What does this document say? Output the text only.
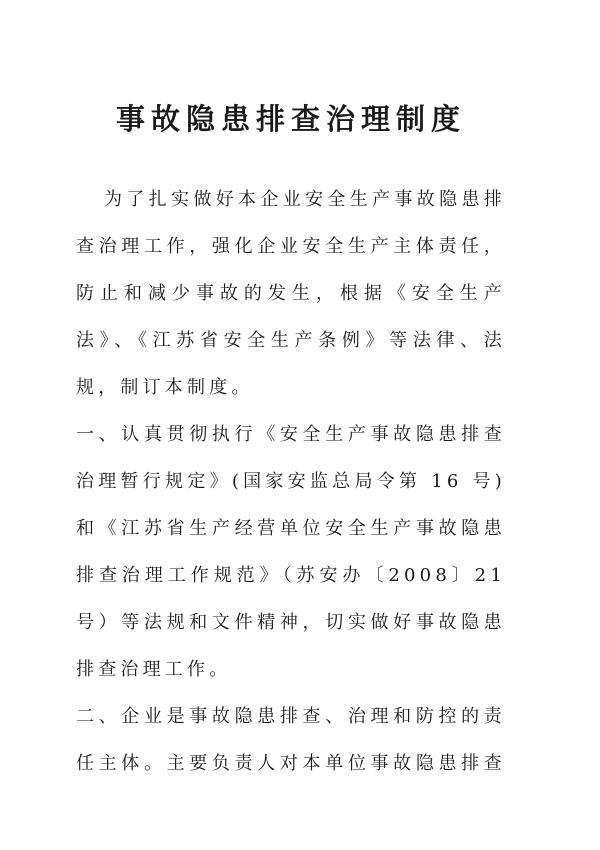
事故隐患排查治理制度

为了扎实做好本企业安全生产事故隐患排查治理工作，强化企业安全生产主体责任，防止和减少事故的发生，根据《安全生产法》、《江苏省安全生产条例》等法律、法规，制订本制度。

一、认真贯彻执行《安全生产事故隐患排查治理暂行规定》(国家安监总局令第 16 号)和《江苏省生产经营单位安全生产事故隐患排查治理工作规范》（苏安办〔2008〕21 号）等法规和文件精神，切实做好事故隐患排查治理工作。

二、企业是事故隐患排查、治理和防控的责任主体。主要负责人对本单位事故隐患排查
